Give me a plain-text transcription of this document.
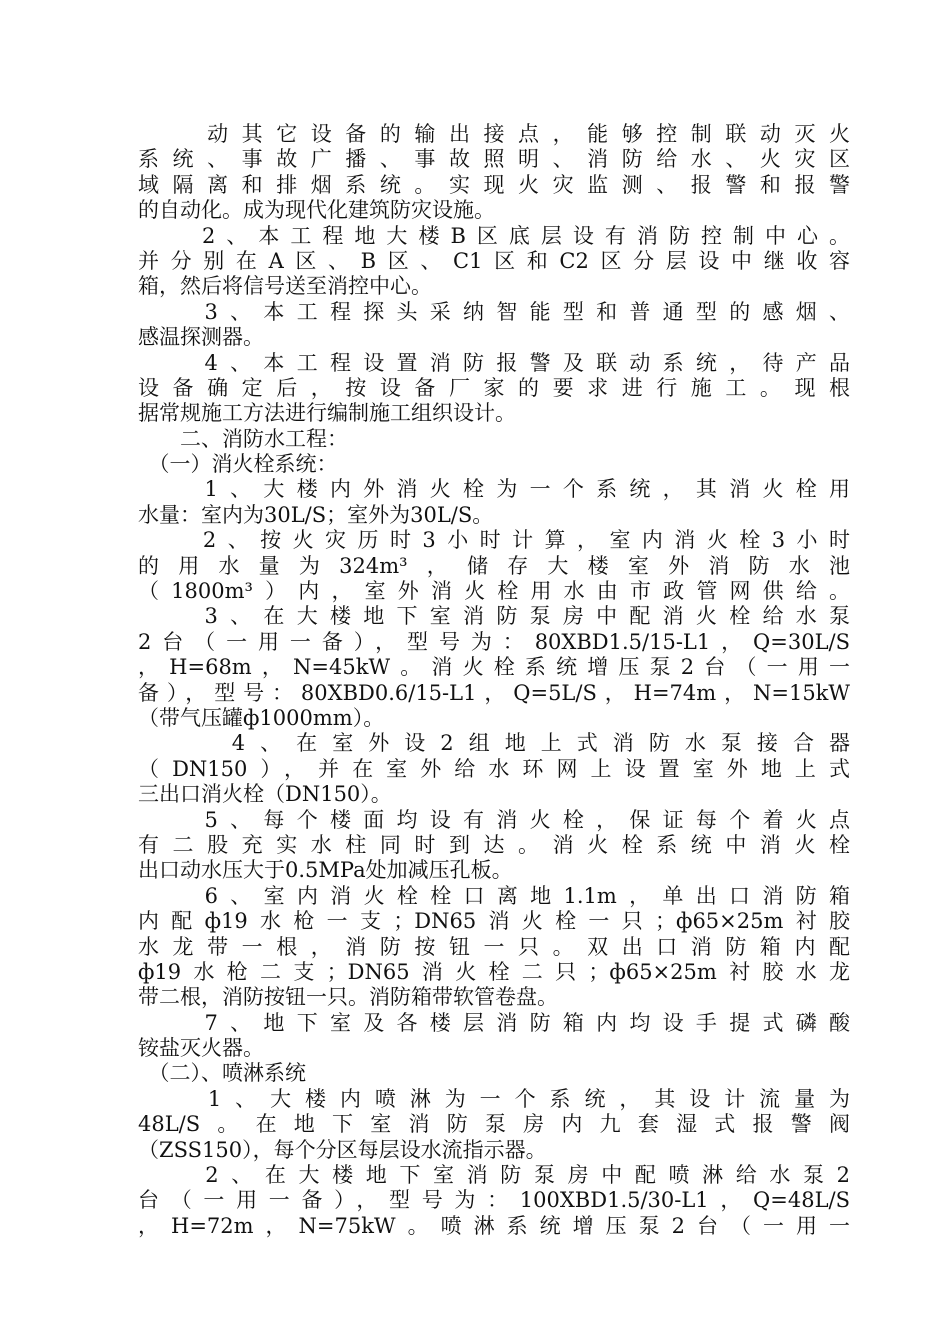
　　动其它设备的输出接点，能够控制联动灭火
系统、事故广播、事故照明、消防给水、火灾区
域隔离和排烟系统。实现火灾监测、报警和报警
的自动化。成为现代化建筑防灾设施。
　　2、本工程地大楼B区底层设有消防控制中心。
并分别在A区、B区、C1区和C2区分层设中继收容
箱，然后将信号送至消控中心。
　　3、本工程探头采纳智能型和普通型的感烟、
感温探测器。
　　4、本工程设置消防报警及联动系统，待产品
设备确定后，按设备厂家的要求进行施工。现根
据常规施工方法进行编制施工组织设计。
　　二、消防水工程：
　（一）消火栓系统：
　　1、大楼内外消火栓为一个系统，其消火栓用
水量：室内为30L/S；室外为30L/S。
　　2、按火灾历时3小时计算，室内消火栓3小时
的用水量为324m³，储存大楼室外消防水池
（1800m³）内，室外消火栓用水由市政管网供给。
　　3、在大楼地下室消防泵房中配消火栓给水泵
2台（一用一备），型号为：80XBD1.5/15-L1，Q=30L/S
，H=68m，N=45kW。消火栓系统增压泵2台（一用一
备），型号：80XBD0.6/15-L1，Q=5L/S，H=74m，N=15kW
（带气压罐ф1000mm）。
　　 4、在室外设2组地上式消防水泵接合器
（DN150），并在室外给水环网上设置室外地上式
三出口消火栓（DN150）。
　　5、每个楼面均设有消火栓，保证每个着火点
有二股充实水柱同时到达。消火栓系统中消火栓
出口动水压大于0.5MPa处加减压孔板。
　　6、室内消火栓栓口离地1.1m，单出口消防箱
内配ф19水枪一支；DN65消火栓一只；ф65×25m衬胶
水龙带一根，消防按钮一只。双出口消防箱内配
ф19水枪二支；DN65消火栓二只；ф65×25m衬胶水龙
带二根，消防按钮一只。消防箱带软管卷盘。
　　7、地下室及各楼层消防箱内均设手提式磷酸
铵盐灭火器。
　（二）、喷淋系统
　　1、大楼内喷淋为一个系统，其设计流量为
48L/S。在地下室消防泵房内九套湿式报警阀
（ZSS150），每个分区每层设水流指示器。
　　2、在大楼地下室消防泵房中配喷淋给水泵2
台（一用一备），型号为：100XBD1.5/30-L1，Q=48L/S
，H=72m，N=75kW。喷淋系统增压泵2台（一用一
